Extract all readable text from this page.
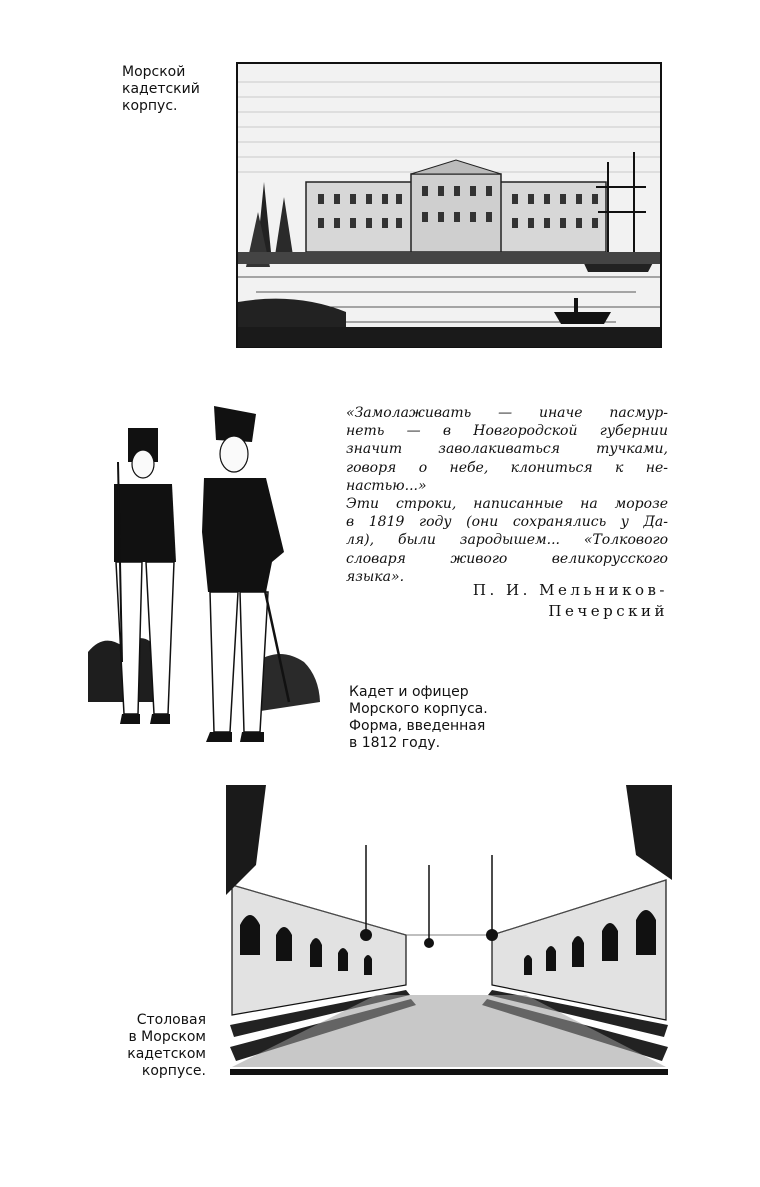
Морской
кадетский
корпус.
«Замолаживать — иначе пасмур-
неть — в Новгородской губернии
значит заволакиваться тучками,
говоря о небе, клониться к не-
настью...»
Эти строки, написанные на морозе
в 1819 году (они сохранялись у Да-
ля), были зародышем... «Толкового
словаря живого великорусского
языка».
П. И. Мельников-
Печерский
Кадет и офицер
Морского корпуса.
Форма, введенная
в 1812 году.
Столовая
в Морском
кадетском
корпусе.
